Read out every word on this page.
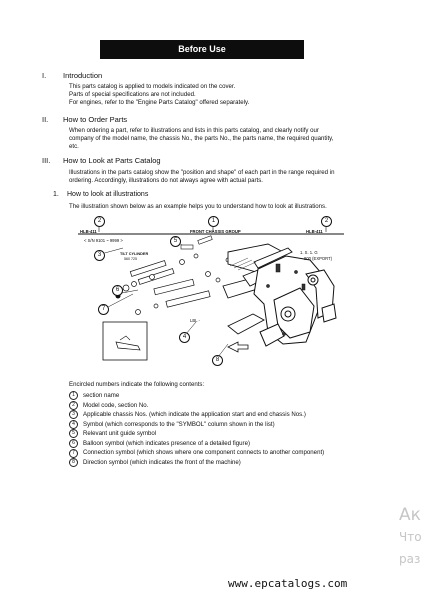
Before Use
I. Introduction
This parts catalog is applied to models indicated on the cover.
Parts of special specifications are not included.
For engines, refer to the "Engine Parts Catalog" offered separately.
II. How to Order Parts
When ordering a part, refer to illustrations and lists in this parts catalog, and clearly notify our
company of the model name, the chassis No., the parts No., the parts name, the required quantity,
etc.
III. How to Look at Parts Catalog
Illustrations in the parts catalog show the "position and shape" of each part in the range required in
ordering. Accordingly, illustrations do not always agree with actual parts.
1. How to look at illustrations
The illustration shown below as an example helps you to understand how to look at illustrations.
2	1	2
HLB-411	FRONT CHASSIS GROUP	HLB-411
< S/N 9101 ~ 9999 >
3
5
6
7
4
8
TILT CYLINDER
560 725
1. S. 1. G
900 (EXPORT)
LBL -
Encircled numbers indicate the following contents:
1 section name
2 Model code, section No.
3 Applicable chassis Nos. (which indicate the application start and end chassis Nos.)
4 Symbol (which corresponds to the "SYMBOL" column shown in the list)
5 Relevant unit guide symbol
6 Balloon symbol (which indicates presence of a detailed figure)
7 Connection symbol (which shows where one component connects to another component)
8 Direction symbol (which indicates the front of the machine)
Ак
Что
раз
www.epcatalogs.com
